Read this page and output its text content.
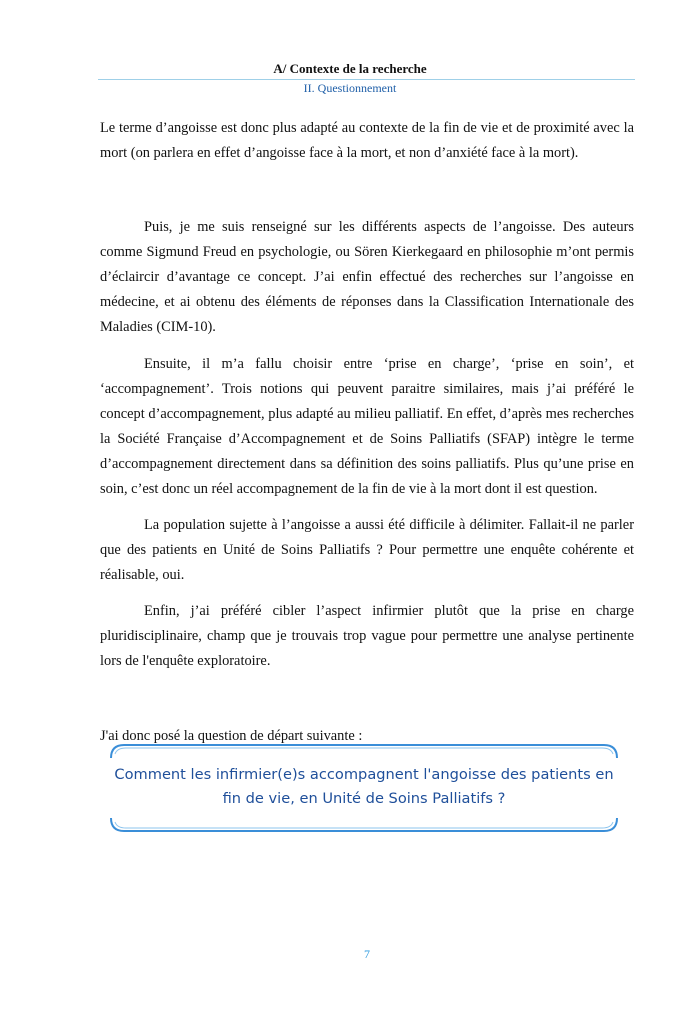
A/ Contexte de la recherche
II. Questionnement

Le terme d’angoisse est donc plus adapté au contexte de la fin de vie et de proximité avec la mort (on parlera en effet d’angoisse face à la mort, et non d’anxiété face à la mort).

Puis, je me suis renseigné sur les différents aspects de l’angoisse. Des auteurs comme Sigmund Freud en psychologie, ou Sören Kierkegaard en philosophie m’ont permis d’éclaircir d’avantage ce concept. J’ai enfin effectué des recherches sur l’angoisse en médecine, et ai obtenu des éléments de réponses dans la Classification Internationale des Maladies (CIM-10).

Ensuite, il m’a fallu choisir entre ‘prise en charge’, ‘prise en soin’, et ‘accompagnement’. Trois notions qui peuvent paraitre similaires, mais j’ai préféré le concept d’accompagnement, plus adapté au milieu palliatif. En effet, d’après mes recherches la Société Française d’Accompagnement et de Soins Palliatifs (SFAP) intègre le terme d’accompagnement directement dans sa définition des soins palliatifs. Plus qu’une prise en soin, c’est donc un réel accompagnement de la fin de vie à la mort dont il est question.

La population sujette à l’angoisse a aussi été difficile à délimiter. Fallait-il ne parler que des patients en Unité de Soins Palliatifs ? Pour permettre une enquête cohérente et réalisable, oui.

Enfin, j’ai préféré cibler l’aspect infirmier plutôt que la prise en charge pluridisciplinaire, champ que je trouvais trop vague pour permettre une analyse pertinente lors de l'enquête exploratoire.

J'ai donc posé la question de départ suivante :

Comment les infirmier(e)s accompagnent l'angoisse des patients en
fin de vie, en Unité de Soins Palliatifs ?
7
